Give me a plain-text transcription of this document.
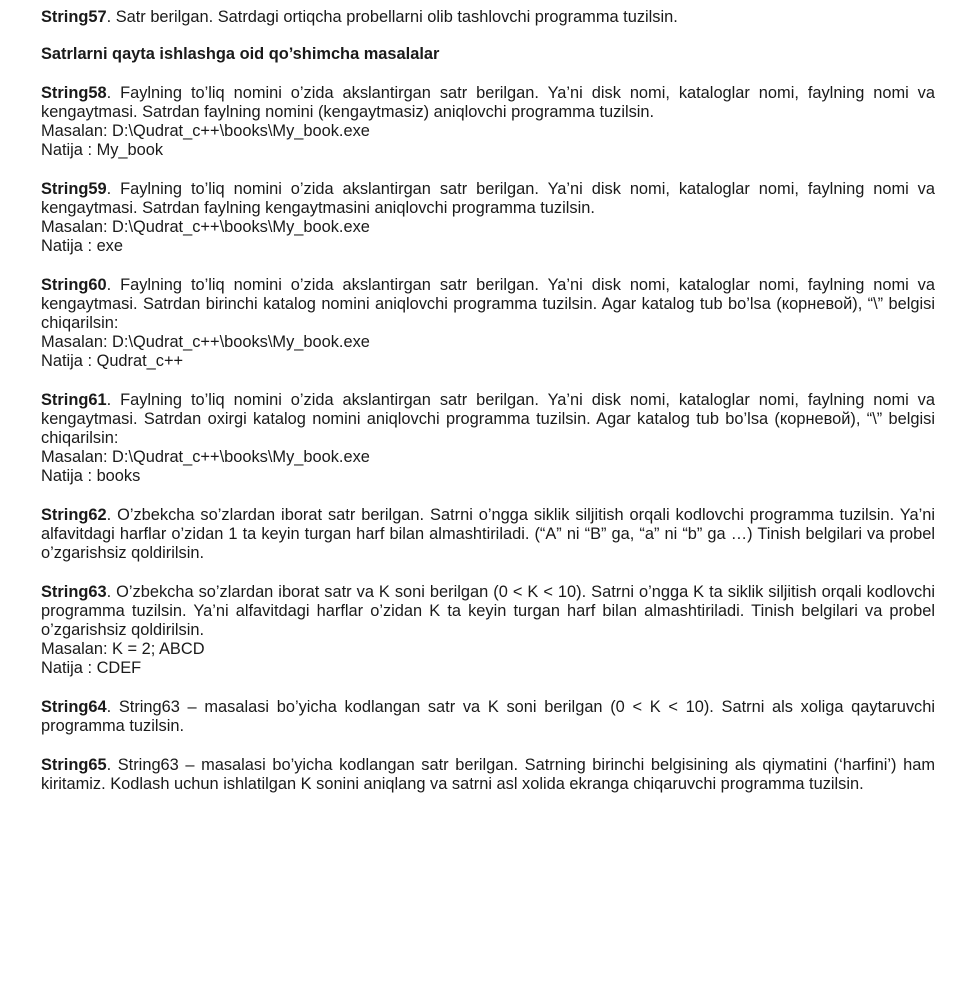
String57. Satr berilgan. Satrdagi ortiqcha probellarni olib tashlovchi programma tuzilsin.

Satrlarni qayta ishlashga oid qo’shimcha masalalar

String58. Faylning to’liq nomini o’zida akslantirgan satr berilgan. Ya’ni disk nomi, kataloglar nomi, faylning nomi va kengaytmasi. Satrdan faylning nomini (kengaytmasiz) aniqlovchi programma tuzilsin.

Masalan: D:\Qudrat_c++\books\My_book.exe

Natija : My_book

String59. Faylning to’liq nomini o’zida akslantirgan satr berilgan. Ya’ni disk nomi, kataloglar nomi, faylning nomi va kengaytmasi. Satrdan faylning kengaytmasini aniqlovchi programma tuzilsin.

Masalan: D:\Qudrat_c++\books\My_book.exe

Natija : exe

String60. Faylning to’liq nomini o’zida akslantirgan satr berilgan. Ya’ni disk nomi, kataloglar nomi, faylning nomi va kengaytmasi. Satrdan birinchi katalog nomini aniqlovchi programma tuzilsin. Agar katalog tub bo’lsa (корневой), “\” belgisi chiqarilsin:

Masalan: D:\Qudrat_c++\books\My_book.exe

Natija : Qudrat_c++

String61. Faylning to’liq nomini o’zida akslantirgan satr berilgan. Ya’ni disk nomi, kataloglar nomi, faylning nomi va kengaytmasi. Satrdan oxirgi katalog nomini aniqlovchi programma tuzilsin. Agar katalog tub bo’lsa (корневой), “\” belgisi chiqarilsin:

Masalan: D:\Qudrat_c++\books\My_book.exe

Natija : books

String62. O’zbekcha so’zlardan iborat satr berilgan. Satrni o’ngga siklik siljitish orqali kodlovchi programma tuzilsin. Ya’ni alfavitdagi harflar o’zidan 1 ta keyin turgan harf bilan almashtiriladi. (“A” ni “B” ga, “a” ni “b” ga …) Tinish belgilari va probel o’zgarishsiz qoldirilsin.

String63. O’zbekcha so’zlardan iborat satr va K soni berilgan (0 < K < 10). Satrni o’ngga K ta siklik siljitish orqali kodlovchi programma tuzilsin. Ya’ni alfavitdagi harflar o’zidan K ta keyin turgan harf bilan almashtiriladi. Tinish belgilari va probel o’zgarishsiz qoldirilsin.

Masalan: K = 2; ABCD

Natija : CDEF

String64. String63 – masalasi bo’yicha kodlangan satr va K soni berilgan (0 < K < 10). Satrni als xoliga qaytaruvchi programma tuzilsin.

String65. String63 – masalasi bo’yicha kodlangan satr berilgan. Satrning birinchi belgisining als qiymatini (‘harfini’) ham kiritamiz. Kodlash uchun ishlatilgan K sonini aniqlang va satrni asl xolida ekranga chiqaruvchi programma tuzilsin.
